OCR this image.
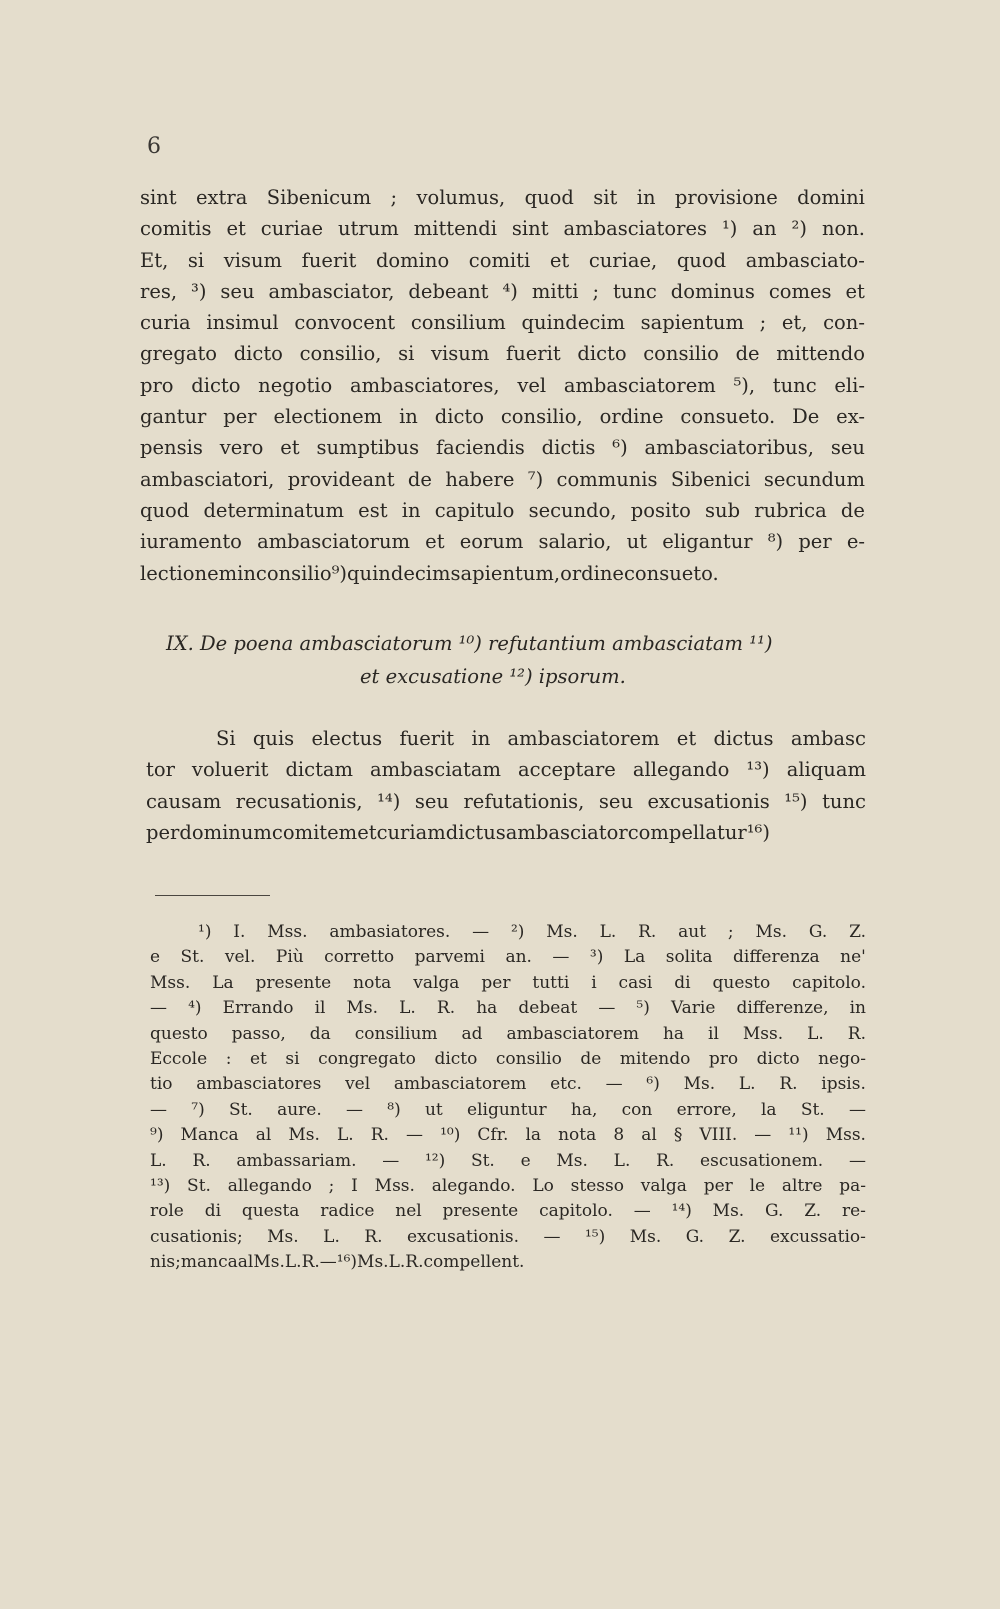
6
sint extra Sibenicum ; volumus, quod sit in provisione domini
comitis et curiae utrum mittendi sint ambasciatores ¹) an ²) non.
Et, si visum fuerit domino comiti et curiae, quod ambasciato-
res, ³) seu ambasciator, debeant ⁴) mitti ; tunc dominus comes et
curia insimul convocent consilium quindecim sapientum ; et, con-
gregato dicto consilio, si visum fuerit dicto consilio de mittendo
pro dicto negotio ambasciatores, vel ambasciatorem ⁵), tunc eli-
gantur per electionem in dicto consilio, ordine consueto. De ex-
pensis vero et sumptibus faciendis dictis ⁶) ambasciatoribus, seu
ambasciatori, provideant de habere ⁷) communis Sibenici secundum
quod determinatum est in capitulo secundo, posito sub rubrica de
iuramento ambasciatorum et eorum salario, ut eligantur ⁸) per e-
lectionem in consilio ⁹) quindecim sapientum, ordine consueto.
IX. De poena ambasciatorum ¹⁰) refutantium ambasciatam ¹¹)
et excusatione ¹²) ipsorum.
Si quis electus fuerit in ambasciatorem et dictus ambasc
tor voluerit dictam ambasciatam acceptare allegando ¹³) aliquam
causam recusationis, ¹⁴) seu refutationis, seu excusationis ¹⁵) tunc
per dominum comitem et curiam dictus ambasciator compellatur ¹⁶)
¹) I. Mss. ambasiatores. — ²) Ms. L. R. aut ; Ms. G. Z.
e St. vel. Più corretto parvemi an. — ³) La solita differenza ne'
Mss. La presente nota valga per tutti i casi di questo capitolo.
— ⁴) Errando il Ms. L. R. ha debeat — ⁵) Varie differenze, in
questo passo, da consilium ad ambasciatorem ha il Mss. L. R.
Eccole : et si congregato dicto consilio de mitendo pro dicto nego-
tio ambasciatores vel ambasciatorem etc. — ⁶) Ms. L. R. ipsis.
— ⁷) St. aure. — ⁸) ut eliguntur ha, con errore, la St. —
⁹) Manca al Ms. L. R. — ¹⁰) Cfr. la nota 8 al § VIII. — ¹¹) Mss.
L. R. ambassariam. — ¹²) St. e Ms. L. R. escusationem. —
¹³) St. allegando ; I Mss. alegando. Lo stesso valga per le altre pa-
role di questa radice nel presente capitolo. — ¹⁴) Ms. G. Z. re-
cusationis; Ms. L. R. excusationis. — ¹⁵) Ms. G. Z. excussatio-
nis ; manca al Ms. L. R. — ¹⁶) Ms. L. R. compellent.
